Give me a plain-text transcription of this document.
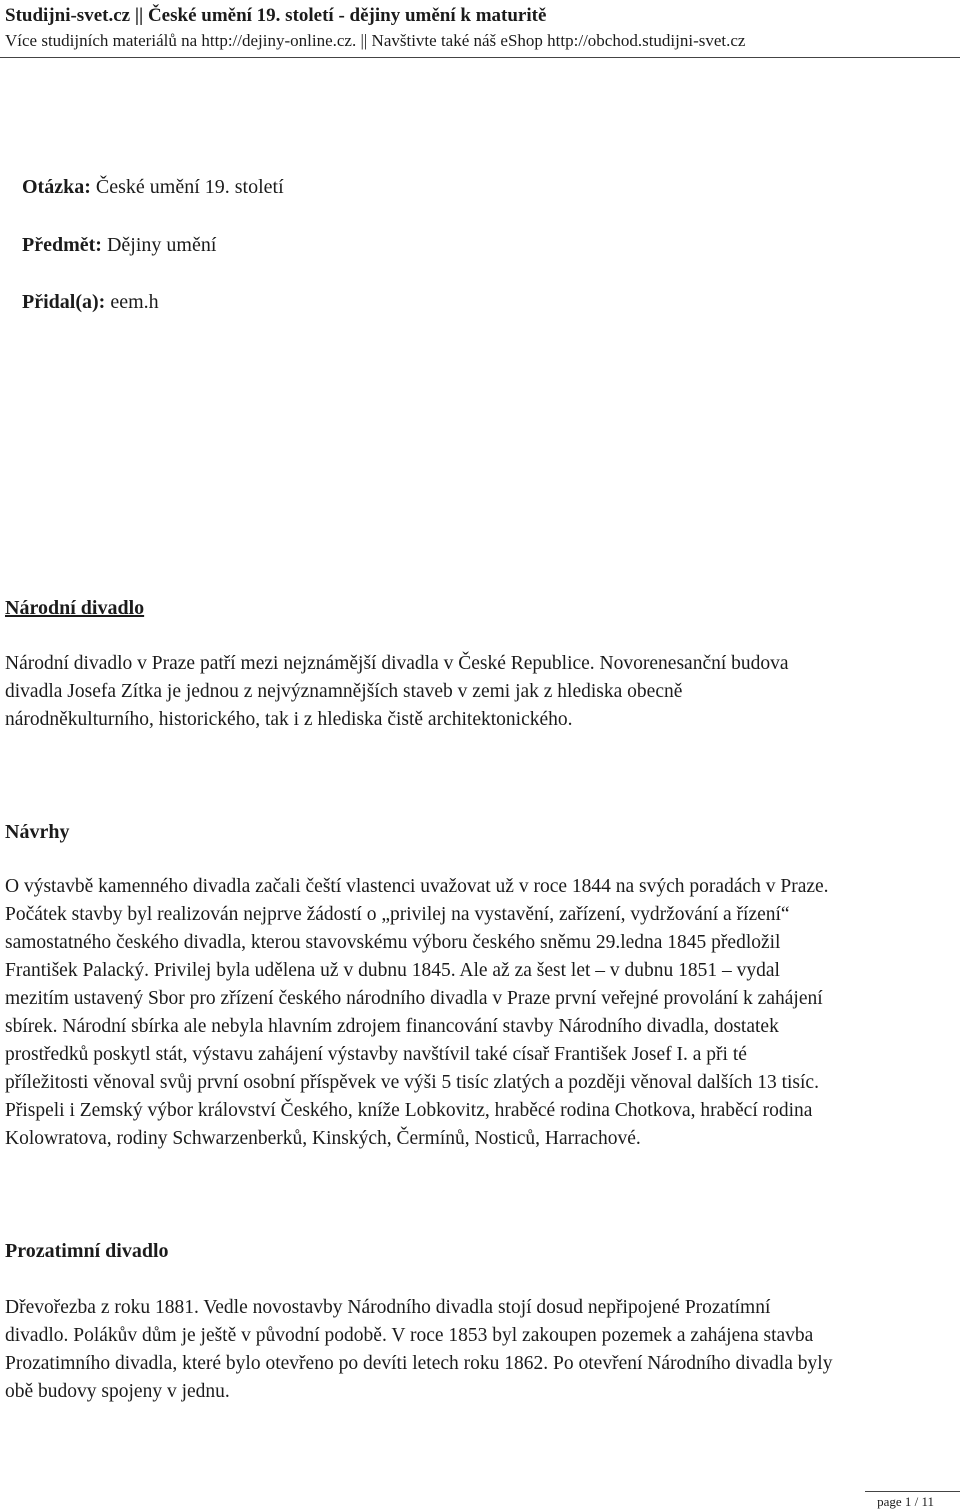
Studijni-svet.cz || České umění 19. století - dějiny umění k maturitě
Více studijních materiálů na http://dejiny-online.cz. || Navštivte také náš eShop http://obchod.studijni-svet.cz
Otázka: České umění 19. století
Předmět: Dějiny umění
Přidal(a): eem.h
Národní divadlo
Národní divadlo v Praze patří mezi nejznámější divadla v České Republice. Novorenesanční budova
divadla Josefa Zítka je jednou z nejvýznamnějších staveb v zemi jak z hlediska obecně
národněkulturního, historického, tak i z hlediska čistě architektonického.
Návrhy
O výstavbě kamenného divadla začali čeští vlastenci uvažovat už v roce 1844 na svých poradách v Praze.
Počátek stavby byl realizován nejprve žádostí o „privilej na vystavění, zařízení, vydržování a řízení“
samostatného českého divadla, kterou stavovskému výboru českého sněmu 29.ledna 1845 předložil
František Palacký. Privilej byla udělena už v dubnu 1845. Ale až za šest let – v dubnu 1851 – vydal
mezitím ustavený Sbor pro zřízení českého národního divadla v Praze první veřejné provolání k zahájení
sbírek. Národní sbírka ale nebyla hlavním zdrojem financování stavby Národního divadla, dostatek
prostředků poskytl stát, výstavu zahájení výstavby navštívil také císař František Josef I. a při té
příležitosti věnoval svůj první osobní příspěvek ve výši 5 tisíc zlatých a později věnoval dalších 13 tisíc.
Přispeli i Zemský výbor království Českého, kníže Lobkovitz, hraběcé rodina Chotkova, hraběcí rodina
Kolowratova, rodiny Schwarzenberků, Kinských, Čermínů, Nosticů, Harrachové.
Prozatimní divadlo
Dřevořezba z roku 1881. Vedle novostavby Národního divadla stojí dosud nepřipojené Prozatímní
divadlo. Polákův dům je ještě v původní podobě. V roce 1853 byl zakoupen pozemek a zahájena stavba
Prozatimního divadla, které bylo otevřeno po devíti letech roku 1862. Po otevření Národního divadla byly
obě budovy spojeny v jednu.
page 1 / 11
